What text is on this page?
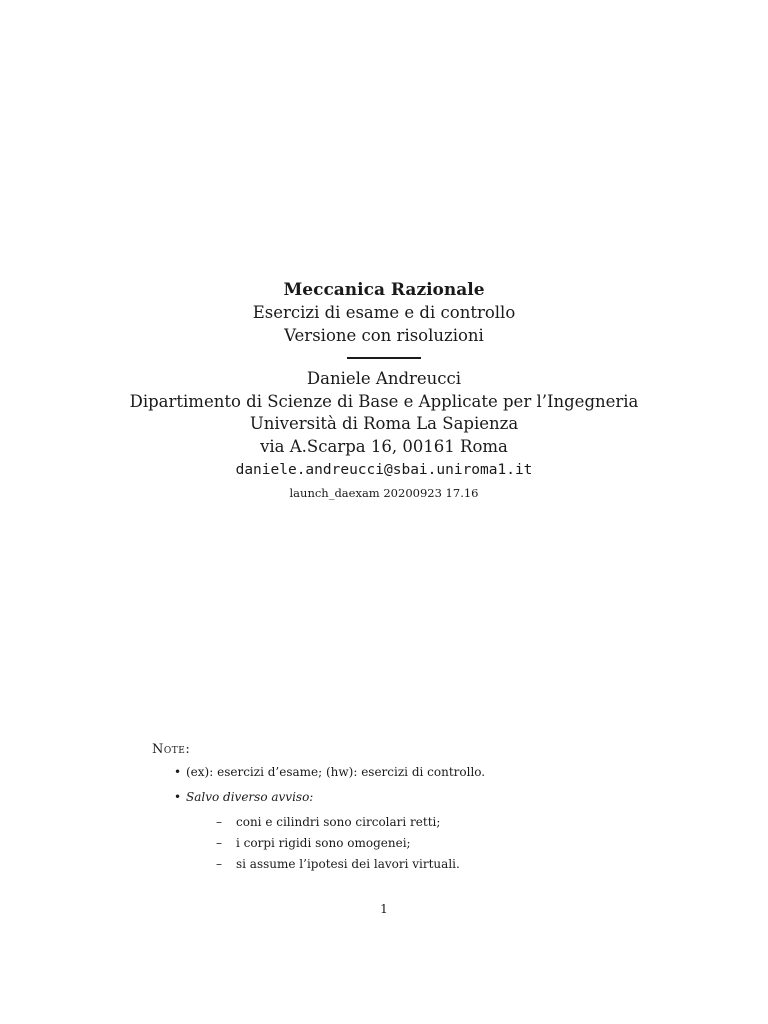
Meccanica Razionale
Esercizi di esame e di controllo
Versione con risoluzioni
Daniele Andreucci
Dipartimento di Scienze di Base e Applicate per l’Ingegneria
Università di Roma La Sapienza
via A.Scarpa 16, 00161 Roma
daniele.andreucci@sbai.uniroma1.it
launch_daexam 20200923 17.16
Note:
• (ex): esercizi d’esame; (hw): esercizi di controllo.
• Salvo diverso avviso:
– coni e cilindri sono circolari retti;
– i corpi rigidi sono omogenei;
– si assume l’ipotesi dei lavori virtuali.
1
